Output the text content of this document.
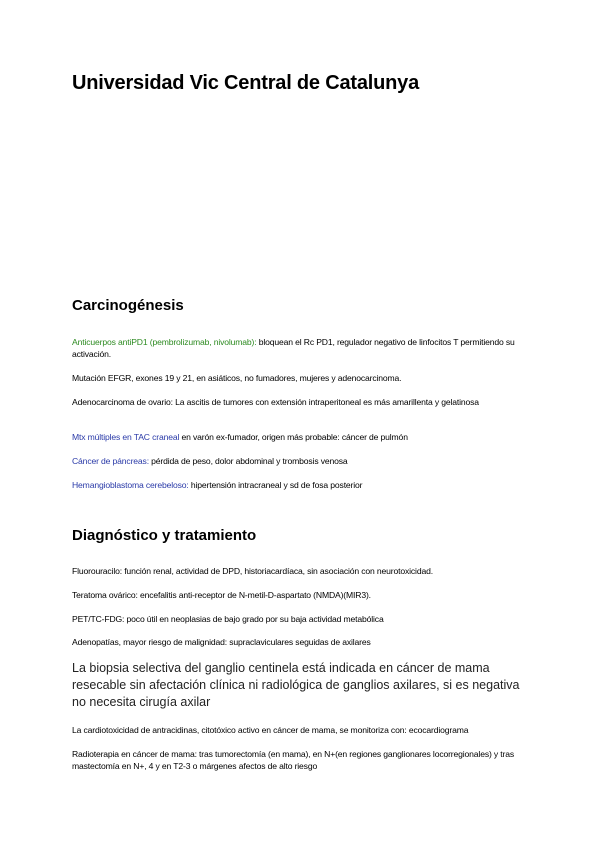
Universidad Vic Central de Catalunya
Carcinogénesis

Anticuerpos antiPD1 (pembrolizumab, nivolumab): bloquean el Rc PD1, regulador negativo de linfocitos T permitiendo su activación.

Mutación EFGR, exones 19 y 21, en asiáticos, no fumadores, mujeres y adenocarcinoma.

Adenocarcinoma de ovario: La ascitis de tumores con extensión intraperitoneal es más amarillenta y gelatinosa

Mtx múltiples en TAC craneal en varón ex-fumador, origen más probable: cáncer de pulmón

Cáncer de páncreas: pérdida de peso, dolor abdominal y trombosis venosa

Hemangioblastoma cerebeloso: hipertensión intracraneal y sd de fosa posterior

Diagnóstico y tratamiento

Fluorouracilo: función renal, actividad de DPD, historiacardíaca, sin asociación con neurotoxicidad.

Teratoma ovárico: encefalitis anti-receptor de N-metil-D-aspartato (NMDA)(MIR3).

PET/TC-FDG: poco útil en neoplasias de bajo grado por su baja actividad metabólica

Adenopatías, mayor riesgo de malignidad: supraclaviculares seguidas de axilares

La biopsia selectiva del ganglio centinela está indicada en cáncer de mama resecable sin afectación clínica ni radiológica de ganglios axilares, si es negativa no necesita cirugía axilar

La cardiotoxicidad de antracidinas, citotóxico activo en cáncer de mama, se monitoriza con: ecocardiograma

Radioterapia en cáncer de mama: tras tumorectomía (en mama), en N+(en regiones ganglionares locorregionales) y tras mastectomía en N+, 4 y en T2-3 o márgenes afectos de alto riesgo
